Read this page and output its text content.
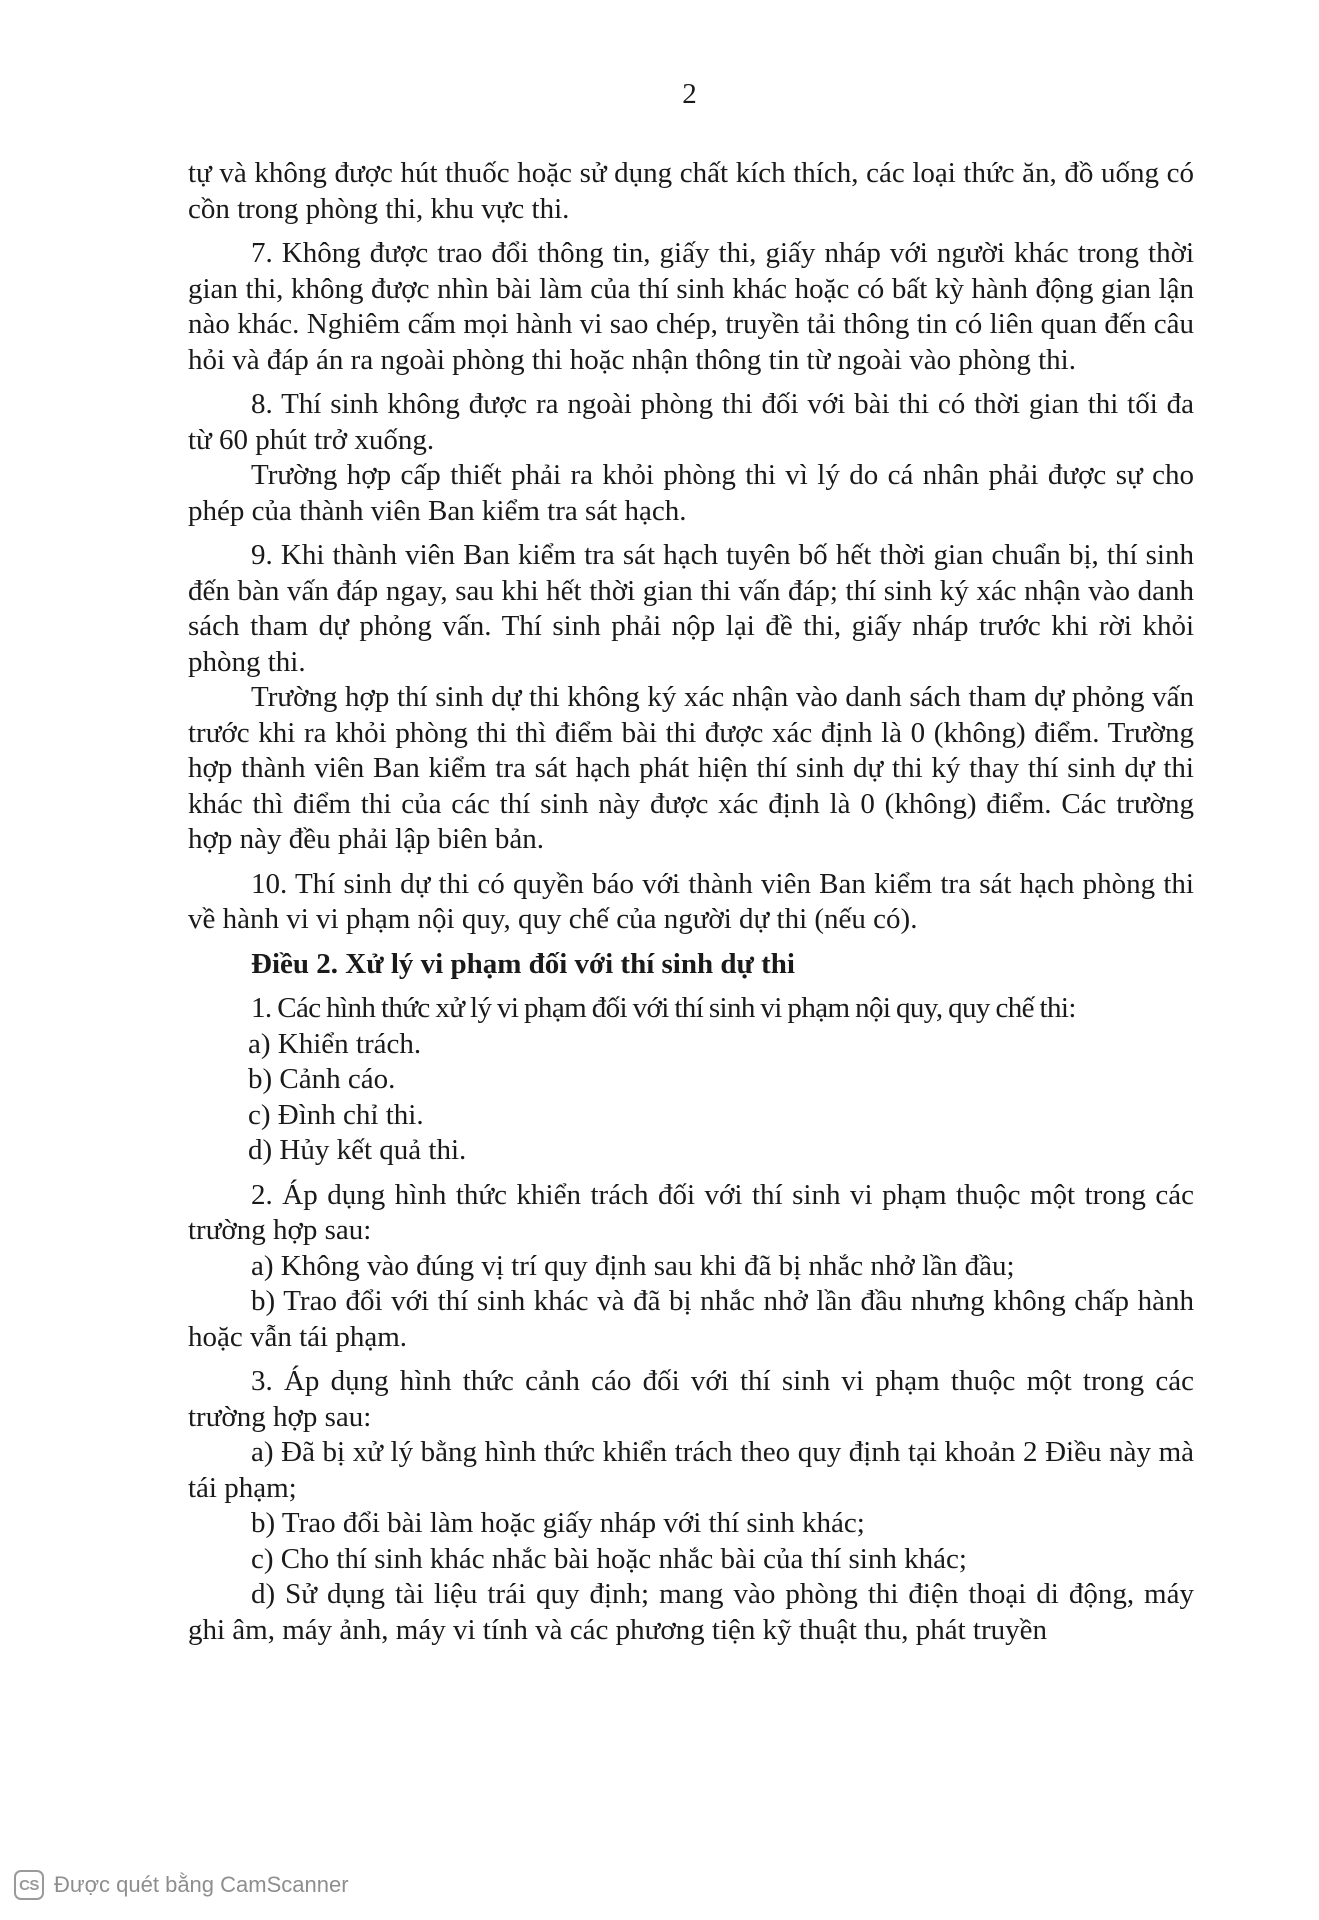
2

tự và không được hút thuốc hoặc sử dụng chất kích thích, các loại thức ăn, đồ uống có cồn trong phòng thi, khu vực thi.

7. Không được trao đổi thông tin, giấy thi, giấy nháp với người khác trong thời gian thi, không được nhìn bài làm của thí sinh khác hoặc có bất kỳ hành động gian lận nào khác. Nghiêm cấm mọi hành vi sao chép, truyền tải thông tin có liên quan đến câu hỏi và đáp án ra ngoài phòng thi hoặc nhận thông tin từ ngoài vào phòng thi.

8. Thí sinh không được ra ngoài phòng thi đối với bài thi có thời gian thi tối đa từ 60 phút trở xuống.

Trường hợp cấp thiết phải ra khỏi phòng thi vì lý do cá nhân phải được sự cho phép của thành viên Ban kiểm tra sát hạch.

9. Khi thành viên Ban kiểm tra sát hạch tuyên bố hết thời gian chuẩn bị, thí sinh đến bàn vấn đáp ngay, sau khi hết thời gian thi vấn đáp; thí sinh ký xác nhận vào danh sách tham dự phỏng vấn. Thí sinh phải nộp lại đề thi, giấy nháp trước khi rời khỏi phòng thi.

Trường hợp thí sinh dự thi không ký xác nhận vào danh sách tham dự phỏng vấn trước khi ra khỏi phòng thi thì điểm bài thi được xác định là 0 (không) điểm. Trường hợp thành viên Ban kiểm tra sát hạch phát hiện thí sinh dự thi ký thay thí sinh dự thi khác thì điểm thi của các thí sinh này được xác định là 0 (không) điểm. Các trường hợp này đều phải lập biên bản.

10. Thí sinh dự thi có quyền báo với thành viên Ban kiểm tra sát hạch phòng thi về hành vi vi phạm nội quy, quy chế của người dự thi (nếu có).

Điều 2. Xử lý vi phạm đối với thí sinh dự thi

1. Các hình thức xử lý vi phạm đối với thí sinh vi phạm nội quy, quy chế thi:

a) Khiển trách.

b) Cảnh cáo.

c) Đình chỉ thi.

d) Hủy kết quả thi.

2. Áp dụng hình thức khiển trách đối với thí sinh vi phạm thuộc một trong các trường hợp sau:

a) Không vào đúng vị trí quy định sau khi đã bị nhắc nhở lần đầu;

b) Trao đổi với thí sinh khác và đã bị nhắc nhở lần đầu nhưng không chấp hành hoặc vẫn tái phạm.

3. Áp dụng hình thức cảnh cáo đối với thí sinh vi phạm thuộc một trong các trường hợp sau:

a) Đã bị xử lý bằng hình thức khiển trách theo quy định tại khoản 2 Điều này mà tái phạm;

b) Trao đổi bài làm hoặc giấy nháp với thí sinh khác;

c) Cho thí sinh khác nhắc bài hoặc nhắc bài của thí sinh khác;

d) Sử dụng tài liệu trái quy định; mang vào phòng thi điện thoại di động, máy ghi âm, máy ảnh, máy vi tính và các phương tiện kỹ thuật thu, phát truyền

CS Được quét bằng CamScanner
